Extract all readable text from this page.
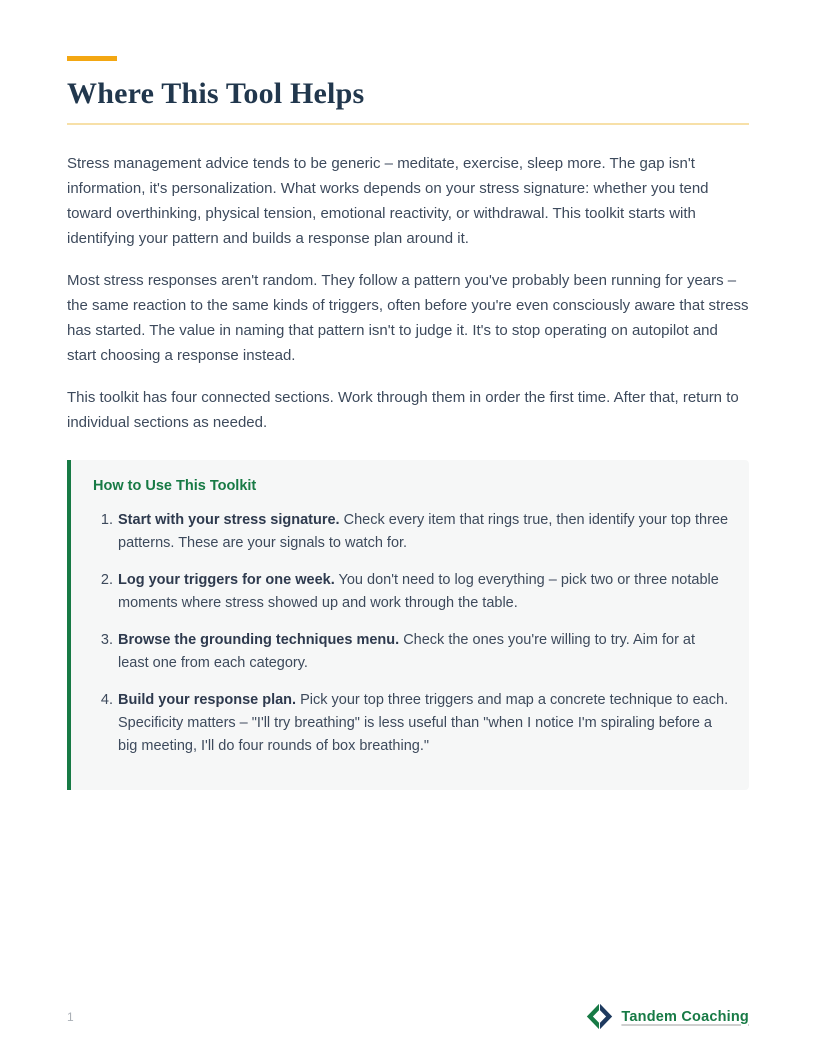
Where This Tool Helps

Stress management advice tends to be generic – meditate, exercise, sleep more. The gap isn't information, it's personalization. What works depends on your stress signature: whether you tend toward overthinking, physical tension, emotional reactivity, or withdrawal. This toolkit starts with identifying your pattern and builds a response plan around it.

Most stress responses aren't random. They follow a pattern you've probably been running for years – the same reaction to the same kinds of triggers, often before you're even consciously aware that stress has started. The value in naming that pattern isn't to judge it. It's to stop operating on autopilot and start choosing a response instead.

This toolkit has four connected sections. Work through them in order the first time. After that, return to individual sections as needed.

How to Use This Toolkit
1. Start with your stress signature. Check every item that rings true, then identify your top three patterns. These are your signals to watch for.
2. Log your triggers for one week. You don't need to log everything – pick two or three notable moments where stress showed up and work through the table.
3. Browse the grounding techniques menu. Check the ones you're willing to try. Aim for at least one from each category.
4. Build your response plan. Pick your top three triggers and map a concrete technique to each. Specificity matters – "I'll try breathing" is less useful than "when I notice I'm spiraling before a big meeting, I'll do four rounds of box breathing."
1	Tandem Coaching
